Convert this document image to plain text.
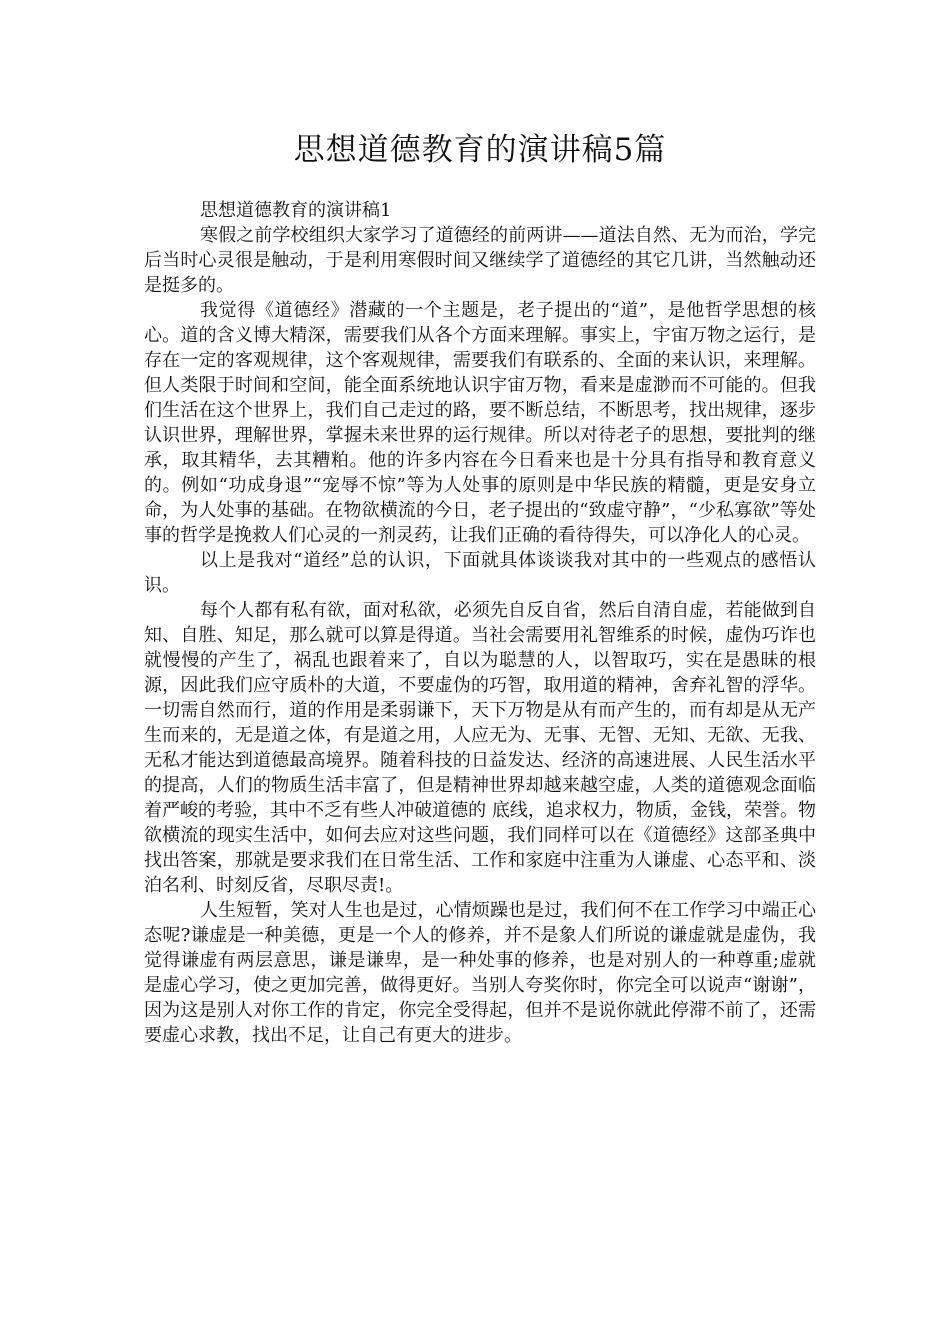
思想道德教育的演讲稿5篇

思想道德教育的演讲稿1

寒假之前学校组织大家学习了道德经的前两讲——道法自然、无为而治，学完后当时心灵很是触动，于是利用寒假时间又继续学了道德经的其它几讲，当然触动还是挺多的。

我觉得《道德经》潜藏的一个主题是，老子提出的“道”，是他哲学思想的核心。道的含义博大精深，需要我们从各个方面来理解。事实上，宇宙万物之运行，是存在一定的客观规律，这个客观规律，需要我们有联系的、全面的来认识，来理解。但人类限于时间和空间，能全面系统地认识宇宙万物，看来是虚渺而不可能的。但我们生活在这个世界上，我们自己走过的路，要不断总结，不断思考，找出规律，逐步认识世界，理解世界，掌握未来世界的运行规律。所以对待老子的思想，要批判的继承，取其精华，去其糟粕。他的许多内容在今日看来也是十分具有指导和教育意义的。例如“功成身退”“宠辱不惊”等为人处事的原则是中华民族的精髓，更是安身立命，为人处事的基础。在物欲横流的今日，老子提出的“致虚守静”，“少私寡欲”等处事的哲学是挽救人们心灵的一剂灵药，让我们正确的看待得失，可以净化人的心灵。

以上是我对“道经”总的认识，下面就具体谈谈我对其中的一些观点的感悟认识。

每个人都有私有欲，面对私欲，必须先自反自省，然后自清自虚，若能做到自知、自胜、知足，那么就可以算是得道。当社会需要用礼智维系的时候，虚伪巧诈也就慢慢的产生了，祸乱也跟着来了，自以为聪慧的人，以智取巧，实在是愚昧的根源，因此我们应守质朴的大道，不要虚伪的巧智，取用道的精神，舍弃礼智的浮华。一切需自然而行，道的作用是柔弱谦下，天下万物是从有而产生的，而有却是从无产生而来的，无是道之体，有是道之用，人应无为、无事、无智、无知、无欲、无我、无私才能达到道德最高境界。随着科技的日益发达、经济的高速进展、人民生活水平的提高，人们的物质生活丰富了，但是精神世界却越来越空虚，人类的道德观念面临着严峻的考验，其中不乏有些人冲破道德的 底线，追求权力，物质，金钱，荣誉。物欲横流的现实生活中，如何去应对这些问题，我们同样可以在《道德经》这部圣典中找出答案，那就是要求我们在日常生活、工作和家庭中注重为人谦虚、心态平和、淡泊名利、时刻反省，尽职尽责!。

人生短暂，笑对人生也是过，心情烦躁也是过，我们何不在工作学习中端正心态呢?谦虚是一种美德，更是一个人的修养，并不是象人们所说的谦虚就是虚伪，我觉得谦虚有两层意思，谦是谦卑，是一种处事的修养，也是对别人的一种尊重;虚就是虚心学习，使之更加完善，做得更好。当别人夸奖你时，你完全可以说声“谢谢”，因为这是别人对你工作的肯定，你完全受得起，但并不是说你就此停滞不前了，还需要虚心求教，找出不足，让自己有更大的进步。
